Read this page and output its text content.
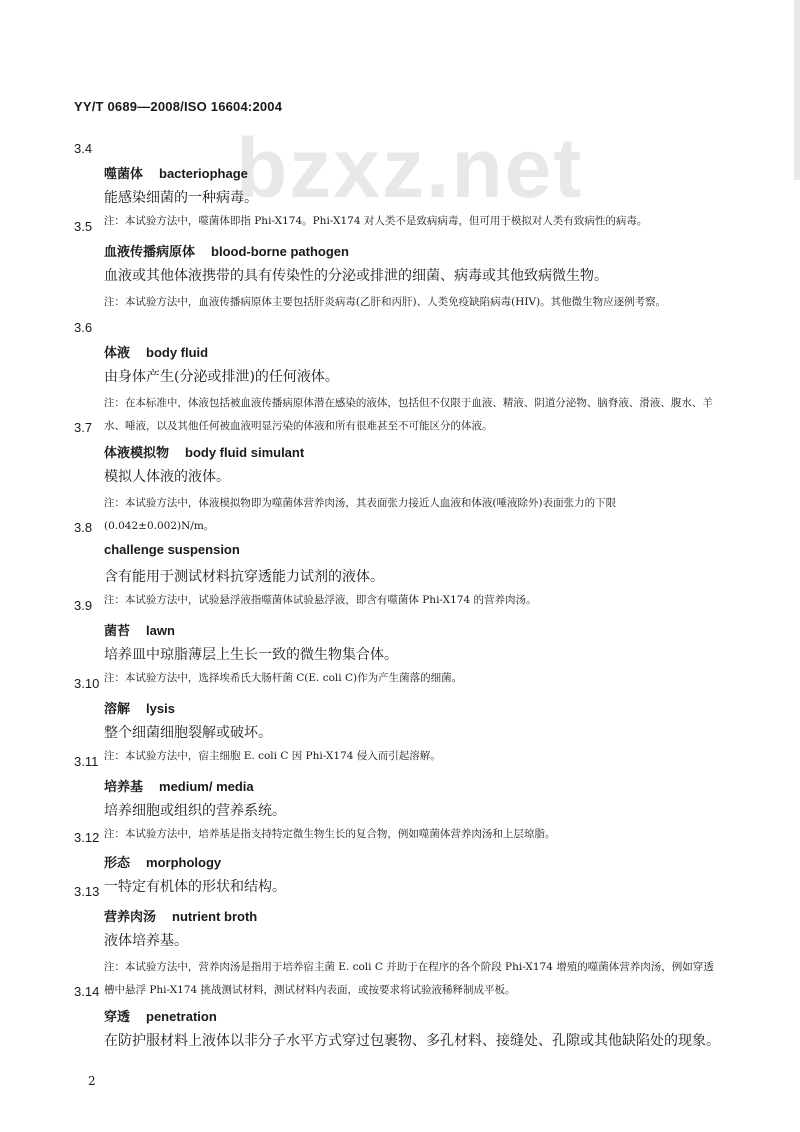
YY/T 0689—2008/ISO 16604:2004
bzxz.net
3.4
噬菌体 bacteriophage
能感染细菌的一种病毒。
注：本试验方法中，噬菌体即指 Phi-X174。Phi-X174 对人类不是致病病毒，但可用于模拟对人类有致病性的病毒。
3.5
血液传播病原体 blood-borne pathogen
血液或其他体液携带的具有传染性的分泌或排泄的细菌、病毒或其他致病微生物。
注：本试验方法中，血液传播病原体主要包括肝炎病毒(乙肝和丙肝)、人类免疫缺陷病毒(HIV)。其他微生物应逐例考察。
3.6
体液 body fluid
由身体产生(分泌或排泄)的任何液体。
注：在本标准中，体液包括被血液传播病原体潜在感染的液体，包括但不仅限于血液、精液、阴道分泌物、脑脊液、滑液、腹水、羊水、唾液，以及其他任何被血液明显污染的体液和所有很难甚至不可能区分的体液。
3.7
体液模拟物 body fluid simulant
模拟人体液的液体。
注：本试验方法中，体液模拟物即为噬菌体营养肉汤，其表面张力接近人血液和体液(唾液除外)表面张力的下限(0.042±0.002)N/m。
3.8
challenge suspension
含有能用于测试材料抗穿透能力试剂的液体。
注：本试验方法中，试验悬浮液指噬菌体试验悬浮液，即含有噬菌体 Phi-X174 的营养肉汤。
3.9
菌苔 lawn
培养皿中琼脂薄层上生长一致的微生物集合体。
注：本试验方法中，选择埃希氏大肠杆菌 C(E. coli C)作为产生菌落的细菌。
3.10
溶解 lysis
整个细菌细胞裂解或破坏。
注：本试验方法中，宿主细胞 E. coli C 因 Phi-X174 侵入而引起溶解。
3.11
培养基 medium/ media
培养细胞或组织的营养系统。
注：本试验方法中，培养基是指支持特定微生物生长的复合物，例如噬菌体营养肉汤和上层琼脂。
3.12
形态 morphology
一特定有机体的形状和结构。
3.13
营养肉汤 nutrient broth
液体培养基。
注：本试验方法中，营养肉汤是指用于培养宿主菌 E. coli C 并助于在程序的各个阶段 Phi-X174 增殖的噬菌体营养肉汤，例如穿透槽中悬浮 Phi-X174 挑战测试材料，测试材料内表面，或按要求将试验液稀释制成平板。
3.14
穿透 penetration
在防护服材料上液体以非分子水平方式穿过包裹物、多孔材料、接缝处、孔隙或其他缺陷处的现象。
2
